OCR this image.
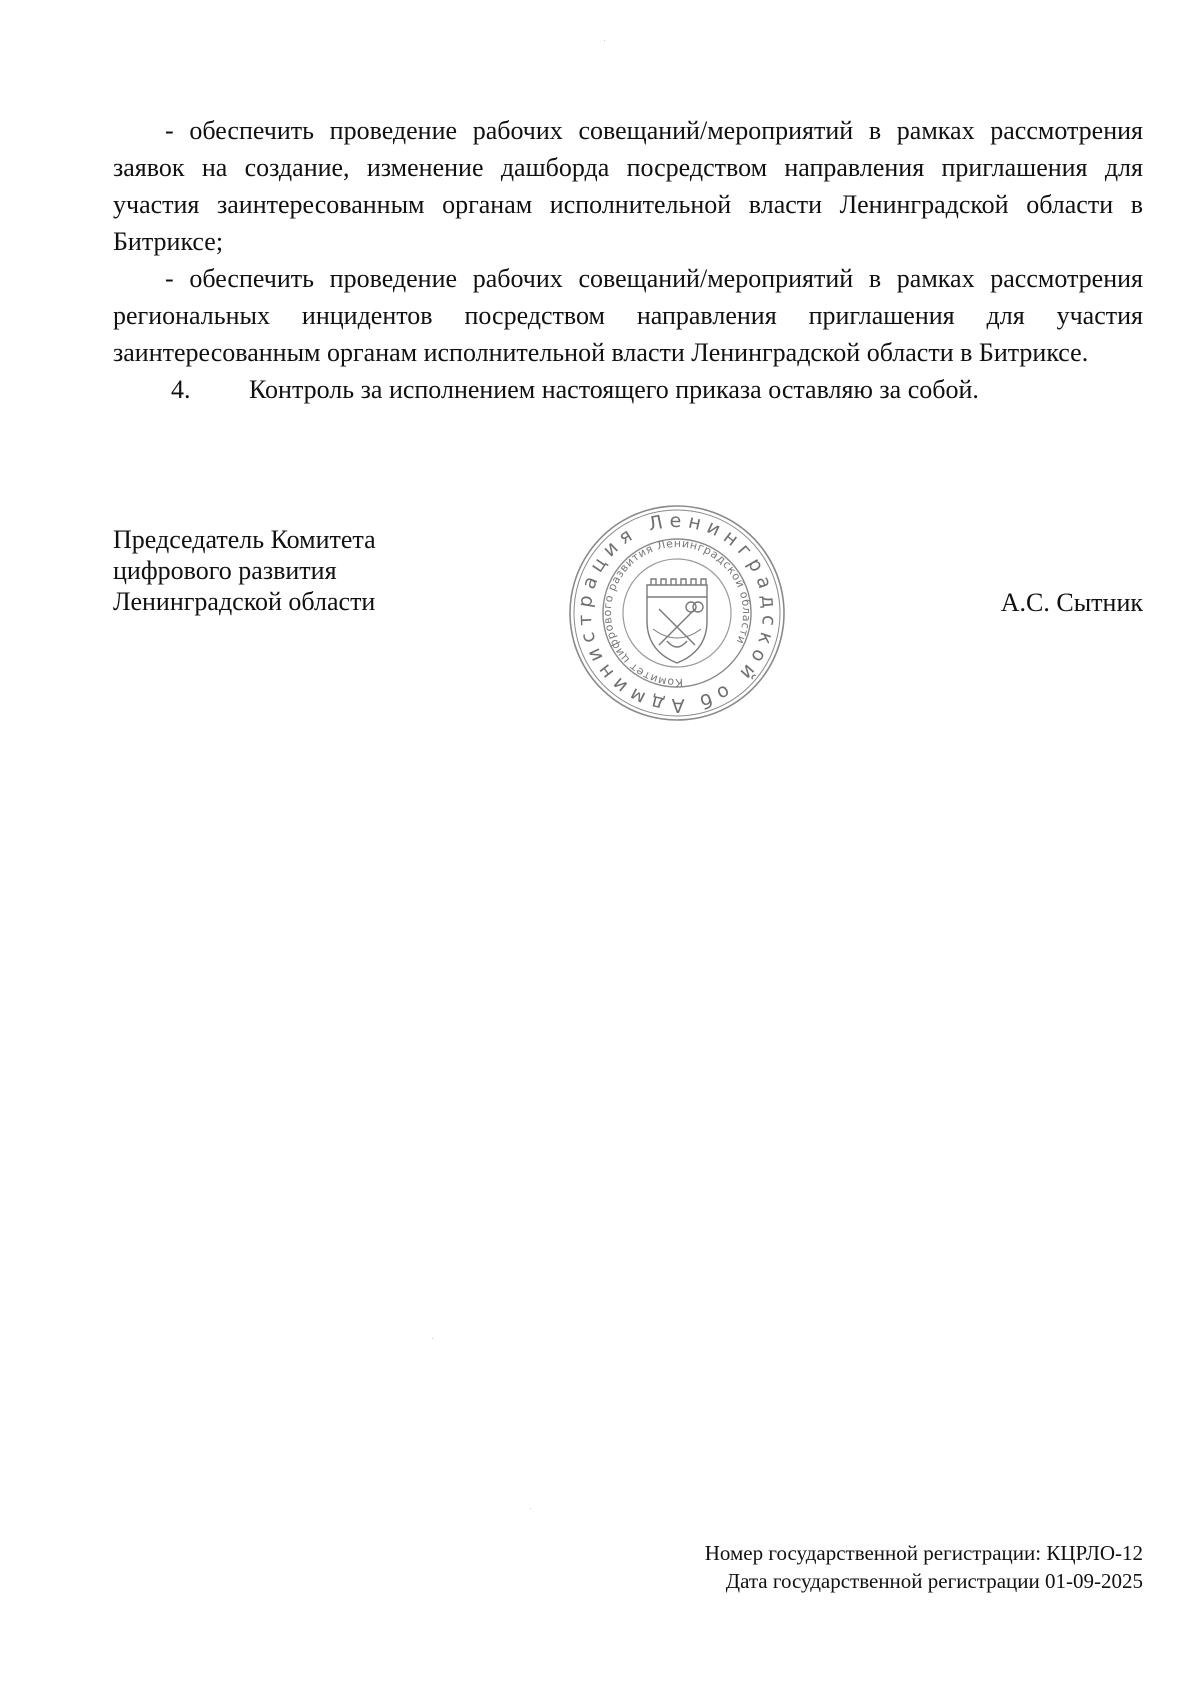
- обеспечить проведение рабочих совещаний/мероприятий в рамках рассмотрения заявок на создание, изменение дашборда посредством направления приглашения для участия заинтересованным органам исполнительной власти Ленинградской области в Битриксе;

- обеспечить проведение рабочих совещаний/мероприятий в рамках рассмотрения региональных инцидентов посредством направления приглашения для участия заинтересованным органам исполнительной власти Ленинградской области в Битриксе.

4.	Контроль за исполнением настоящего приказа оставляю за собой.

Председатель Комитета
цифрового развития
Ленинградской области
Администрация Ленинградской области
Комитет цифрового развития Ленинградской области
А.С. Сытник
Номер государственной регистрации: КЦРЛО-12
Дата государственной регистрации 01-09-2025
